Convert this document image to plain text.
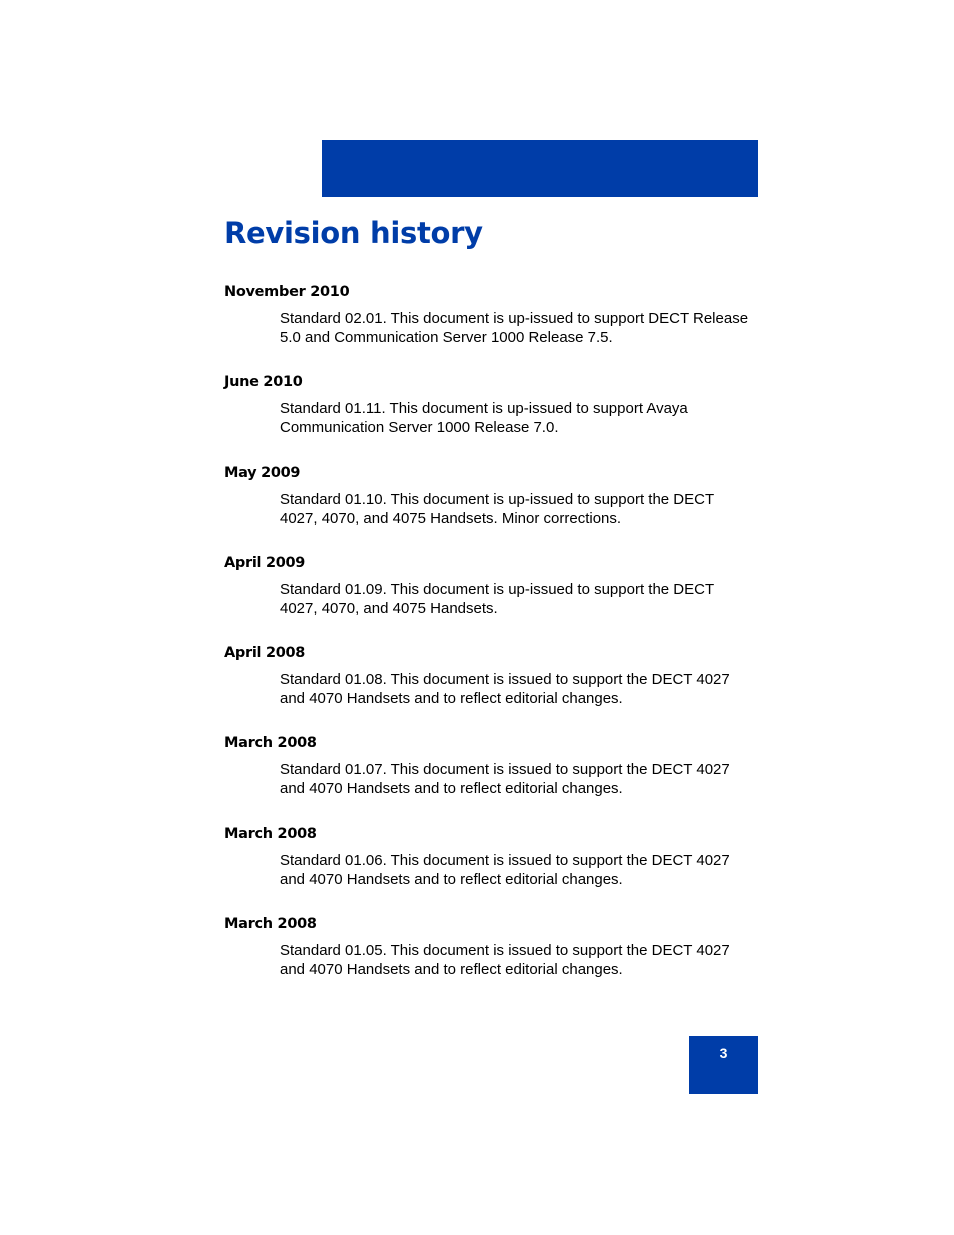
Revision history
November 2010
Standard 02.01. This document is up-issued to support DECT Release 5.0 and Communication Server 1000 Release 7.5.
June 2010
Standard 01.11. This document is up-issued to support Avaya Communication Server 1000 Release 7.0.
May 2009
Standard 01.10. This document is up-issued to support the DECT 4027, 4070, and 4075 Handsets. Minor corrections.
April 2009
Standard 01.09. This document is up-issued to support the DECT 4027, 4070, and 4075 Handsets.
April 2008
Standard 01.08. This document is issued to support the DECT 4027 and 4070 Handsets and to reflect editorial changes.
March 2008
Standard 01.07. This document is issued to support the DECT 4027 and 4070 Handsets and to reflect editorial changes.
March 2008
Standard 01.06. This document is issued to support the DECT 4027 and 4070 Handsets and to reflect editorial changes.
March 2008
Standard 01.05. This document is issued to support the DECT 4027 and 4070 Handsets and to reflect editorial changes.
3
